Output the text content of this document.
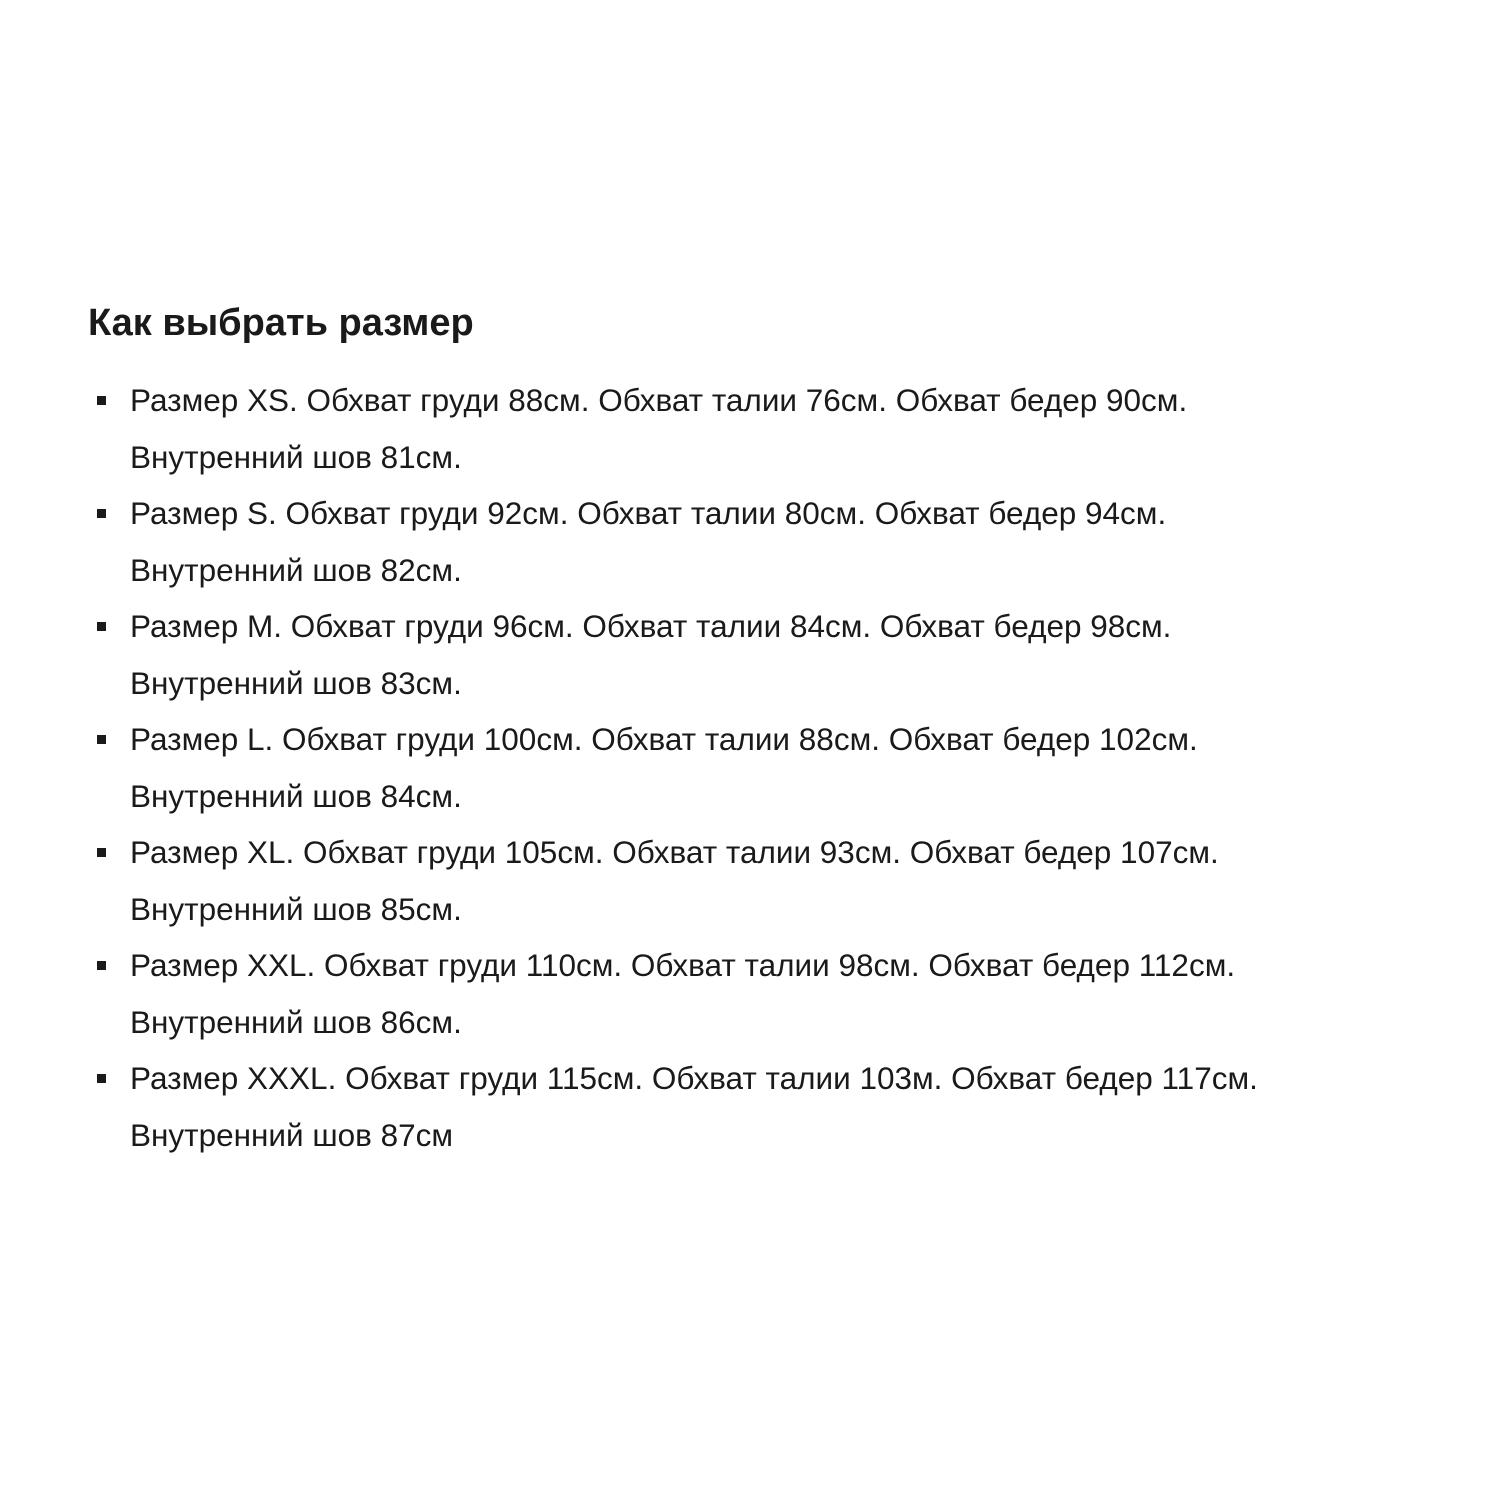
Как выбрать размер
Размер XS. Обхват груди 88см. Обхват талии 76см. Обхват бедер 90см.
Внутренний шов 81см.
Размер S. Обхват груди 92см. Обхват талии 80см. Обхват бедер 94см.
Внутренний шов 82см.
Размер M. Обхват груди 96см. Обхват талии 84см. Обхват бедер 98см.
Внутренний шов 83см.
Размер L. Обхват груди 100см. Обхват талии 88см. Обхват бедер 102см.
Внутренний шов 84см.
Размер XL. Обхват груди 105см. Обхват талии 93см. Обхват бедер 107см.
Внутренний шов 85см.
Размер XXL. Обхват груди 110см. Обхват талии 98см. Обхват бедер 112см.
Внутренний шов 86см.
Размер XXXL. Обхват груди 115см. Обхват талии 103м. Обхват бедер 117см.
Внутренний шов 87см
